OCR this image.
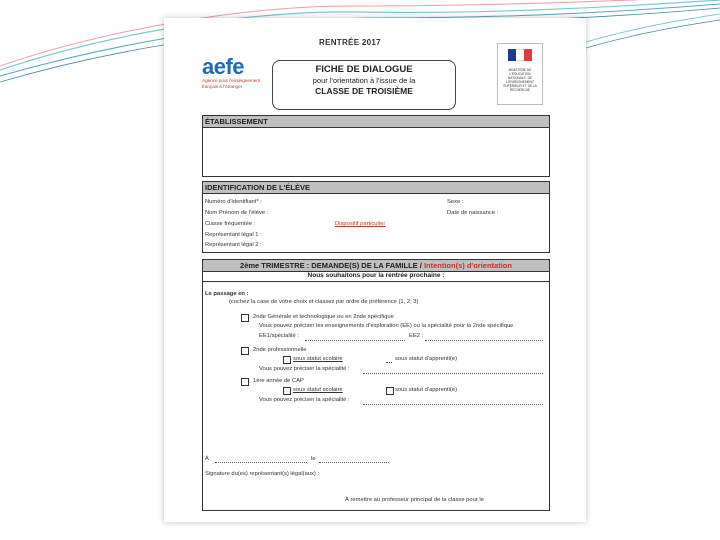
RENTRÉE 2017
aefe
Agence pour l'enseignement français à l'étranger
FICHE DE DIALOGUE
pour l'orientation à l'issue de la
CLASSE DE TROISIÈME
MINISTÈRE DE L'ÉDUCATION NATIONALE, DE L'ENSEIGNEMENT SUPÉRIEUR ET DE LA RECHERCHE
ÉTABLISSEMENT
IDENTIFICATION DE L'ÉLÈVE
Numéro d'identifiant* :
Nom Prénom de l'élève :
Classe fréquentée :	Dispositif particulier
Représentant légal 1 :
Représentant légal 2 :
Sexe :
Date de naissance :
2ème TRIMESTRE : DEMANDE(S) DE LA FAMILLE / Intention(s) d'orientation
Nous souhaitons pour la rentrée prochaine :
Le passage en :
(cochez la case de votre choix et classez par ordre de préférence (1, 2, 3)
2nde Générale et technologique ou en 2nde spécifique
Vous pouvez préciser les enseignements d'exploration (EE) ou la spécialité pour la 2nde spécifique
EE1/spécialité :	EE2 :
2nde professionnelle
sous statut scolaire	sous statut d'apprenti(e)
Vous pouvez préciser la spécialité :
1ère année de CAP
sous statut scolaire	sous statut d'apprenti(e)
Vous pouvez préciser la spécialité :
À	le
Signature du(es) représentant(s) légal(aux) :
À remettre au professeur principal de la classe pour le
